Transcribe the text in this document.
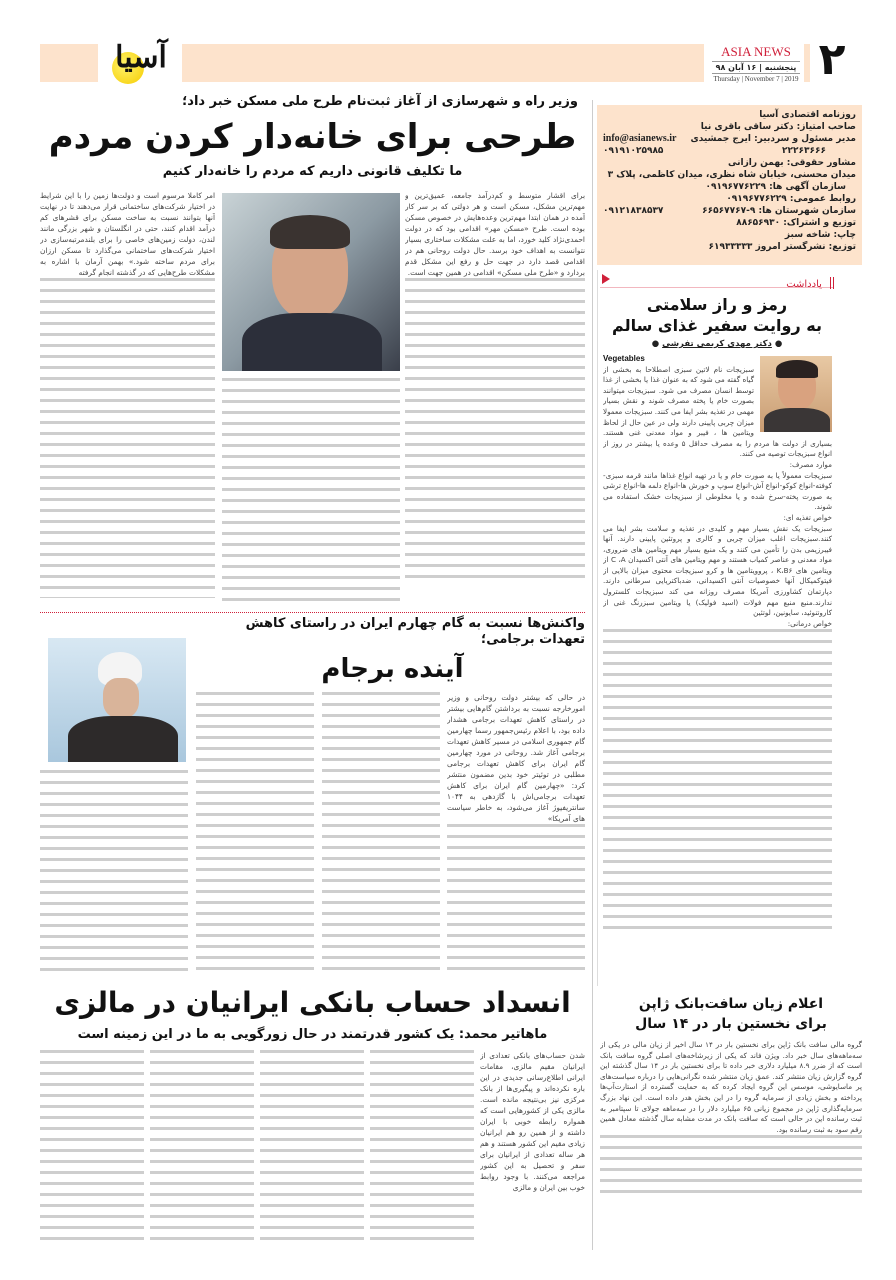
آسیا	ASIA NEWS
پنجشنبه | ۱۶ آبان ۹۸
Thursday | November 7 | 2019 ۲
وزیر راه و شهرسازی از آغاز ثبت‌نام طرح ملی مسکن خبر داد؛
طرحی برای خانه‌دار کردن مردم
ما تکلیف قانونی داریم که مردم را خانه‌دار کنیم

برای اقشار متوسط و کم‌درآمد جامعه، عمیق‌ترین و مهم‌ترین مشکل، مسکن است و هر دولتی که بر سر کار آمده در همان ابتدا مهم‌ترین وعده‌هایش در خصوص مسکن بوده است. طرح «مسکن مهر» اقدامی بود که در دولت احمدی‌نژاد کلید خورد، اما به علت مشکلات ساختاری بسیار نتوانست به اهداف خود برسد. حال دولت روحانی هم در اقدامی قصد دارد در جهت حل و رفع این مشکل قدم بردارد و «طرح ملی مسکن» اقدامی در همین جهت است.

امر کاملا مرسوم است و دولت‌ها زمین را با این شرایط در اختیار شرکت‌های ساختمانی قرار می‌دهند تا در نهایت آنها بتوانند نسبت به ساخت مسکن برای قشرهای کم درآمد اقدام کنند، حتی در انگلستان و شهر بزرگی مانند لندن، دولت زمین‌های خاصی را برای بلندمرتبه‌سازی در اختیار شرکت‌های ساختمانی می‌گذارد تا مسکن ارزان برای مردم ساخته شود.» بهمن آرمان با اشاره به مشکلات طرح‌هایی که در گذشته انجام گرفته

واکنش‌ها نسبت به گام چهارم ایران در راستای کاهش تعهدات برجامی؛
آینده برجام

در حالی که بیشتر دولت روحانی و وزیر امورخارجه نسبت به برداشتن گام‌هایی بیشتر در راستای کاهش تعهدات برجامی هشدار داده بود، با اعلام رئیس‌جمهور رسما چهارمین گام جمهوری اسلامی در مسیر کاهش تعهدات برجامی آغاز شد. روحانی در مورد چهارمین گام ایران برای کاهش تعهدات برجامی مطلبی در توئیتر خود بدین مضمون منتشر کرد: «چهارمین گام ایران برای کاهش تعهدات برجامی‌اش با گازدهی به ۱۰۴۴ سانتریفیوژ آغاز می‌شود، به خاطر سیاست های آمریکا»

انسداد حساب بانکی ایرانیان در مالزی
ماهاتیر محمد: یک کشور قدرتمند در حال زورگویی به ما در این زمینه است

شدن حساب‌های بانکی تعدادی از ایرانیان مقیم مالزی، مقامات ایرانی اطلاع‌رسانی جدیدی در این باره نکرده‌اند و پیگیری‌ها از بانک مرکزی نیز بی‌نتیجه مانده است. مالزی یکی از کشورهایی است که همواره رابطه خوبی با ایران داشته و از همین رو هم ایرانیان زیادی مقیم این کشور هستند و هم هر ساله تعدادی از ایرانیان برای سفر و تحصیل به این کشور مراجعه می‌کنند. با وجود روابط خوب بین ایران و مالزی

روزنامه اقتصادی آسیا
صاحب امتیاز: دکتر ساقی باقری نیا
مدیر مسئول و سردبیر: ایرج جمشیدی
info@asianews.ir
۲۲۲۶۳۶۶۶
۰۹۱۹۱۰۲۵۹۸۵
مشاور حقوقی: بهمن رازانی
میدان محسنی، خیابان شاه نظری، میدان کاظمی، پلاک ۳
سازمان آگهی ها: ۰۹۱۹۶۷۷۶۲۲۹
روابط عمومی: ۰۹۱۹۶۷۷۶۲۲۹
سازمان شهرستان ها: ۹-۶۶۵۶۷۷۶۷
۰۹۱۲۱۸۳۸۵۳۷
توزیع و اشتراک: ۸۸۶۵۶۹۳۰
چاپ: شاخه سبز
توزیع: نشرگستر امروز ۶۱۹۳۳۳۳۳
یادداشت
رمز و راز سلامتی
به روایت سفیر غذای سالم
● دکتر مهدی کریمی تفرشی ●
Vegetables

سبزیجات نام لاتین سبزی اصطلاحا به بخشی از گیاه گفته می شود که به عنوان غذا یا بخشی از غذا توسط انسان مصرف می شود. سبزیجات میتوانند بصورت خام یا پخته مصرف شوند و نقش بسیار مهمی در تغذیه بشر ایفا می کنند. سبزیجات معمولا میزان چربی پایینی دارند ولی در عین حال از لحاظ ویتامین ها ، فیبر و مواد معدنی غنی هستند. بسیاری از دولت ها مردم را به مصرف حداقل ۵ وعده یا بیشتر در روز از انواع سبزیجات توصیه می کنند.

موارد مصرف:

سبزیجات معمولاً یا به صورت خام و یا در تهیه انواع غذاها مانند قرمه سبزی-کوفته-انواع کوکو-انواع آش-انواع سوپ و خورش ها-انواع دلمه ها-انواع ترشی به صورت پخته-سرخ شده و یا مخلوطی از سبزیجات خشک استفاده می شوند.

خواص تغذیه ای:

سبزیجات یک نقش بسیار مهم و کلیدی در تغذیه و سلامت بشر ایفا می کنند.سبزیجات اغلب میزان چربی و کالری و پروتئین پایینی دارند. آنها فیبرزیمی بدن را تأمین می کنند و یک منبع بسیار مهم ویتامین های ضروری، مواد معدنی و عناصر کمیاب هستند و مهم ویتامین های آنتی اکسیدان C ،A از ویتامین های K،B۶ ، پروویتامین ها و کرو سبزیجات محتوی میزان بالایی از فیتوکمیکال آنها خصوصیات آنتی اکسیدانی، ضدباکتریایی سرطانی دارند. دپارتمان کشاورزی آمریکا مصرف روزانه می کند سبزیجات کلسترول ندارند.منبع منبع مهم فولات (اسید فولیک) یا ویتامین سبزرنگ غنی از کاروتنوئید، سایونین، لوتئین

خواص درمانی:

اعلام زیان سافت‌بانک ژاپن
برای نخستین بار در ۱۴ سال

گروه مالی سافت بانک ژاپن برای نخستین بار در ۱۴ سال اخیر از زیان مالی در یکی از سه‌ماهه‌های سال خبر داد. ویژن فاند که یکی از زیرشاخه‌های اصلی گروه سافت بانک است که از ضرر ۸.۹ میلیارد دلاری خبر داده تا برای نخستین بار در ۱۴ سال گذشته این گروه گزارش زیان منتشر کند. عمق زیان منتشر شده نگرانی‌هایی را درباره سیاست‌های پر ماسایوشی، موسس این گروه ایجاد کرده که به حمایت گسترده از استارت‌آپ‌ها پرداخته و بخش زیادی از سرمایه گروه را در این بخش هدر داده است. این نهاد بزرگ سرمایه‌گذاری ژاپن در مجموع زیانی ۶۵ میلیارد دلار را در سه‌ماهه جولای تا سپتامبر به ثبت رسانده این در حالی است که سافت بانک در مدت مشابه سال گذشته معادل همین رقم سود به ثبت رسانده بود.
